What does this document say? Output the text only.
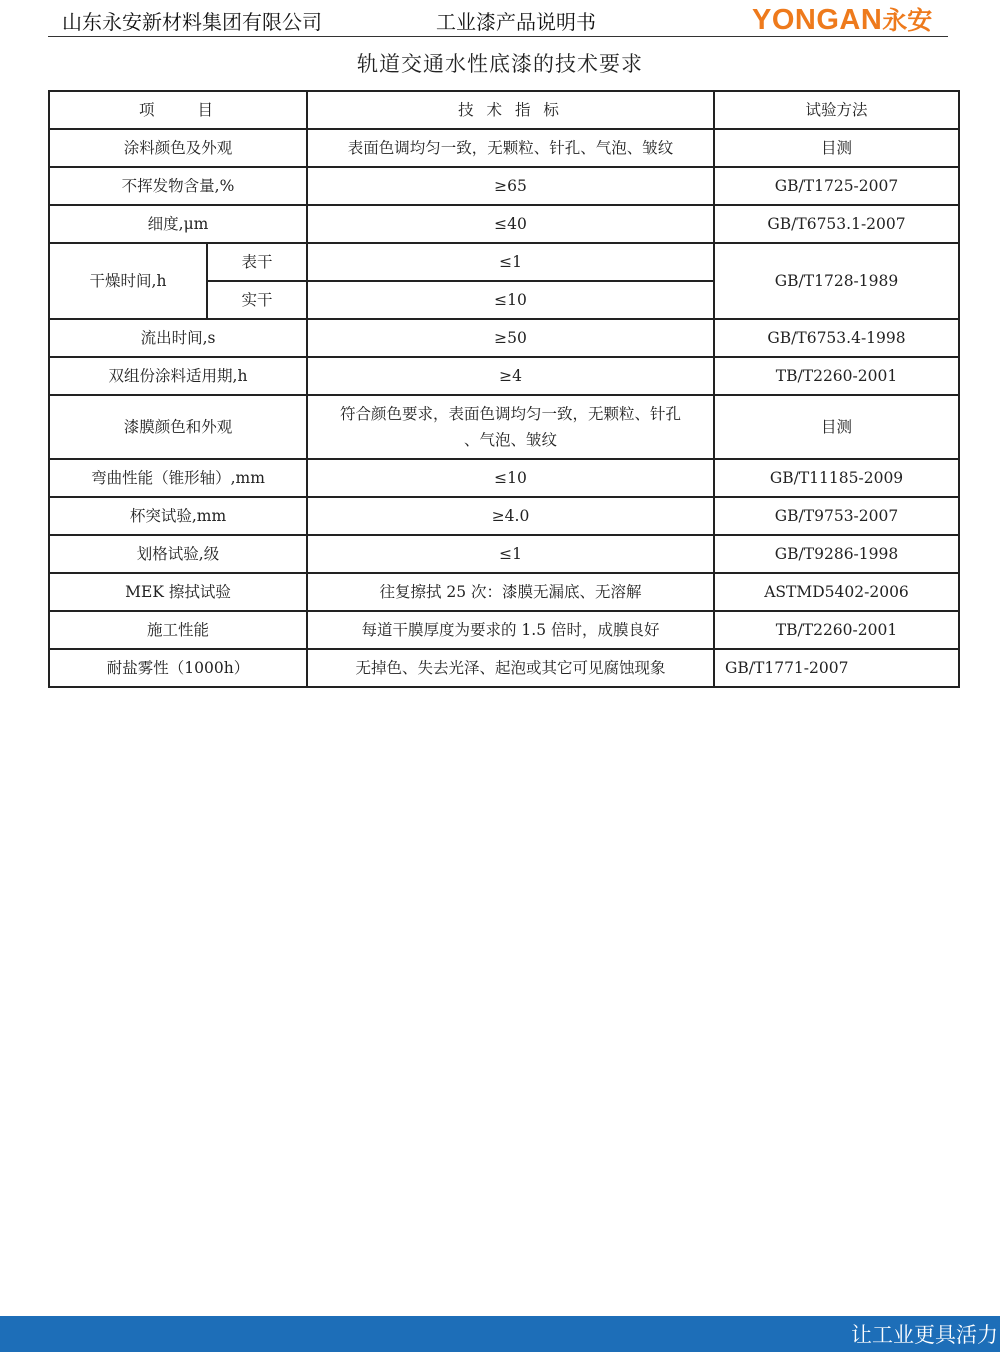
山东永安新材料集团有限公司	工业漆产品说明书	YONGAN永安
轨道交通水性底漆的技术要求
项　　目		技 术 指 标	试验方法
涂料颜色及外观		表面色调均匀一致，无颗粒、针孔、气泡、皱纹	目测
不挥发物含量,%		≥65	GB/T1725-2007
细度,μm		≤40	GB/T6753.1-2007
干燥时间,h	表干	≤1	GB/T1728-1989
	实干	≤10	
流出时间,s		≥50	GB/T6753.4-1998
双组份涂料适用期,h		≥4	TB/T2260-2001
漆膜颜色和外观		符合颜色要求，表面色调均匀一致，无颗粒、针孔
、气泡、皱纹	目测
弯曲性能（锥形轴）,mm		≤10	GB/T11185-2009
杯突试验,mm		≥4.0	GB/T9753-2007
划格试验,级		≤1	GB/T9286-1998
MEK 擦拭试验		往复擦拭 25 次：漆膜无漏底、无溶解	ASTMD5402-2006
施工性能		每道干膜厚度为要求的 1.5 倍时，成膜良好	TB/T2260-2001
耐盐雾性（1000h）		无掉色、失去光泽、起泡或其它可见腐蚀现象	GB/T1771-2007
让工业更具活力
